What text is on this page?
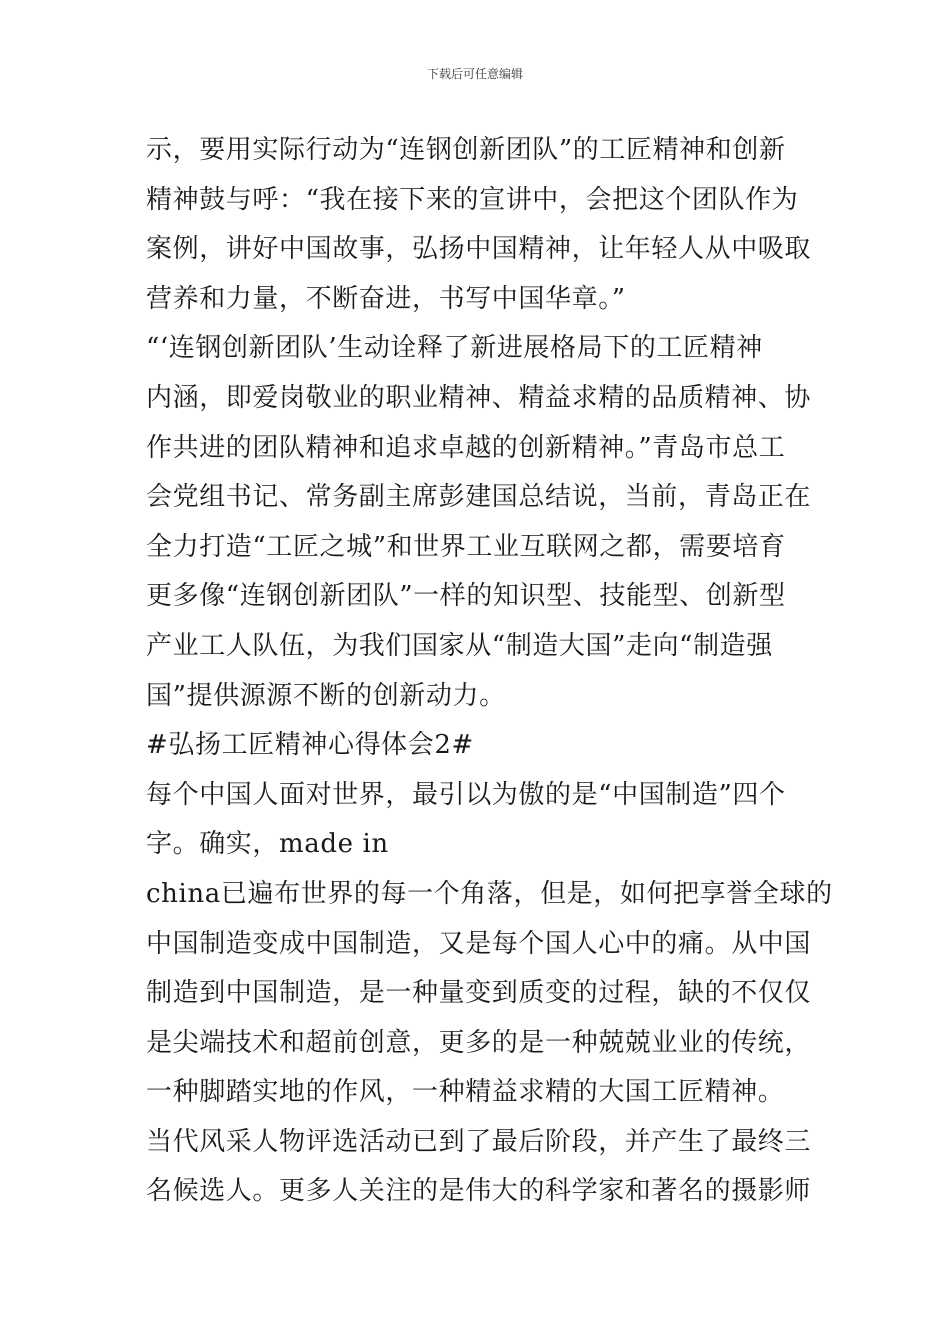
下载后可任意编辑
示，要用实际行动为“连钢创新团队”的工匠精神和创新
精神鼓与呼：“我在接下来的宣讲中，会把这个团队作为
案例，讲好中国故事，弘扬中国精神，让年轻人从中吸取
营养和力量，不断奋进，书写中国华章。”
“‘连钢创新团队’生动诠释了新进展格局下的工匠精神
内涵，即爱岗敬业的职业精神、精益求精的品质精神、协
作共进的团队精神和追求卓越的创新精神。”青岛市总工
会党组书记、常务副主席彭建国总结说，当前，青岛正在
全力打造“工匠之城”和世界工业互联网之都，需要培育
更多像“连钢创新团队”一样的知识型、技能型、创新型
产业工人队伍，为我们国家从“制造大国”走向“制造强
国”提供源源不断的创新动力。
#弘扬工匠精神心得体会2#
每个中国人面对世界，最引以为傲的是“中国制造”四个
字。确实，made in
china已遍布世界的每一个角落，但是，如何把享誉全球的
中国制造变成中国制造，又是每个国人心中的痛。从中国
制造到中国制造，是一种量变到质变的过程，缺的不仅仅
是尖端技术和超前创意，更多的是一种兢兢业业的传统，
一种脚踏实地的作风，一种精益求精的大国工匠精神。
当代风采人物评选活动已到了最后阶段，并产生了最终三
名候选人。更多人关注的是伟大的科学家和著名的摄影师
